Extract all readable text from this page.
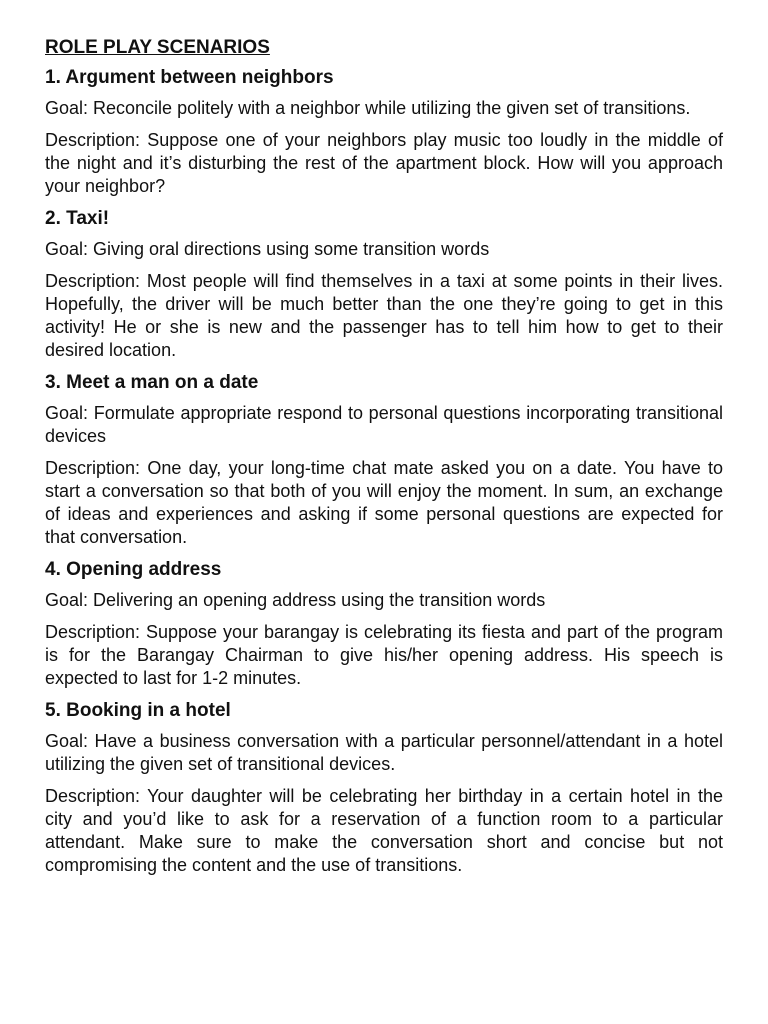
ROLE PLAY SCENARIOS
1. Argument between neighbors

Goal: Reconcile politely with a neighbor while utilizing the given set of transitions.

Description: Suppose one of your neighbors play music too loudly in the middle of the night and it’s disturbing the rest of the apartment block. How will you approach your neighbor?

2. Taxi!

Goal: Giving oral directions using some transition words

Description: Most people will find themselves in a taxi at some points in their lives. Hopefully, the driver will be much better than the one they’re going to get in this activity! He or she is new and the passenger has to tell him how to get to their desired location.

3. Meet a man on a date

Goal: Formulate appropriate respond to personal questions incorporating transitional devices

Description: One day, your long-time chat mate asked you on a date. You have to start a conversation so that both of you will enjoy the moment. In sum, an exchange of ideas and experiences and asking if some personal questions are expected for that conversation.

4. Opening address

Goal: Delivering an opening address using the transition words

Description: Suppose your barangay is celebrating its fiesta and part of the program is for the Barangay Chairman to give his/her opening address. His speech is expected to last for 1-2 minutes.

5. Booking in a hotel

Goal: Have a business conversation with a particular personnel/attendant in a hotel utilizing the given set of transitional devices.

Description: Your daughter will be celebrating her birthday in a certain hotel in the city and you’d like to ask for a reservation of a function room to a particular attendant. Make sure to make the conversation short and concise but not compromising the content and the use of transitions.
